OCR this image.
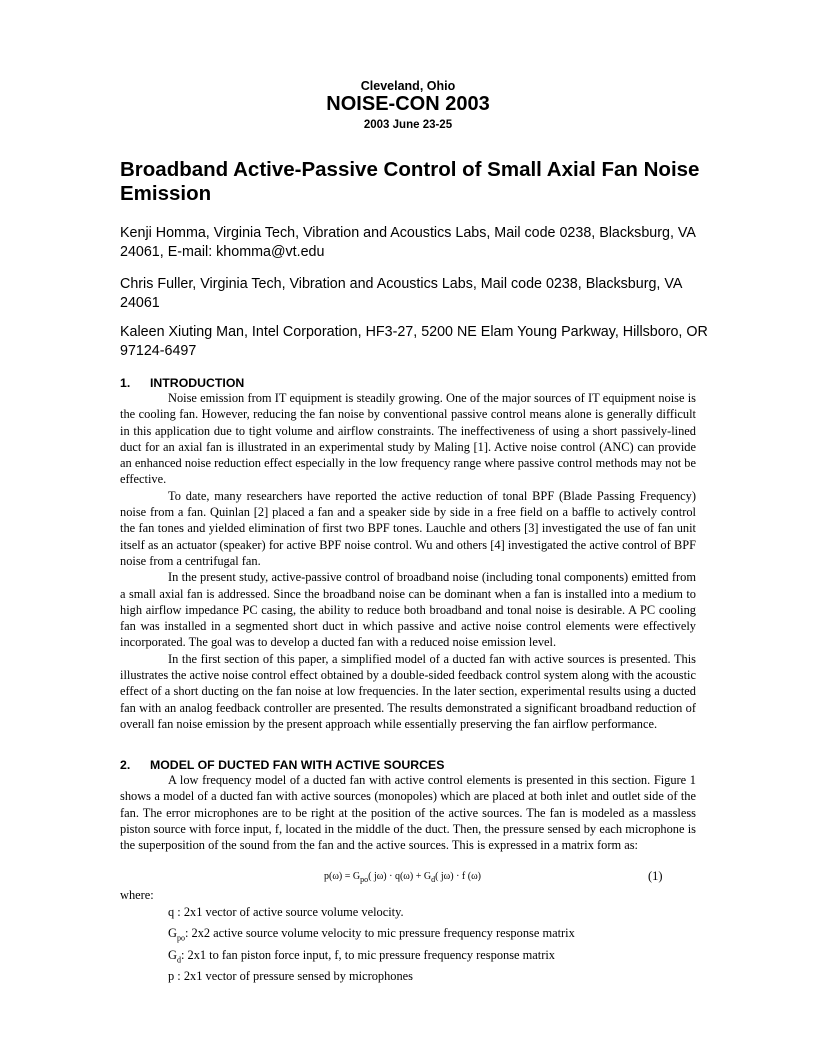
Cleveland, Ohio
NOISE-CON 2003
2003 June 23-25
Broadband Active-Passive Control of Small Axial Fan Noise Emission
Kenji Homma, Virginia Tech, Vibration and Acoustics Labs, Mail code 0238, Blacksburg, VA 24061, E-mail: khomma@vt.edu
Chris Fuller, Virginia Tech, Vibration and Acoustics Labs, Mail code 0238, Blacksburg, VA 24061
Kaleen Xiuting Man, Intel Corporation, HF3-27, 5200 NE Elam Young Parkway, Hillsboro, OR 97124-6497
1. INTRODUCTION

Noise emission from IT equipment is steadily growing. One of the major sources of IT equipment noise is the cooling fan. However, reducing the fan noise by conventional passive control means alone is generally difficult in this application due to tight volume and airflow constraints. The ineffectiveness of using a short passively-lined duct for an axial fan is illustrated in an experimental study by Maling [1]. Active noise control (ANC) can provide an enhanced noise reduction effect especially in the low frequency range where passive control methods may not be effective.

To date, many researchers have reported the active reduction of tonal BPF (Blade Passing Frequency) noise from a fan. Quinlan [2] placed a fan and a speaker side by side in a free field on a baffle to actively control the fan tones and yielded elimination of first two BPF tones. Lauchle and others [3] investigated the use of fan unit itself as an actuator (speaker) for active BPF noise control. Wu and others [4] investigated the active control of BPF noise from a centrifugal fan.

In the present study, active-passive control of broadband noise (including tonal components) emitted from a small axial fan is addressed. Since the broadband noise can be dominant when a fan is installed into a medium to high airflow impedance PC casing, the ability to reduce both broadband and tonal noise is desirable. A PC cooling fan was installed in a segmented short duct in which passive and active noise control elements were effectively incorporated. The goal was to develop a ducted fan with a reduced noise emission level.

In the first section of this paper, a simplified model of a ducted fan with active sources is presented. This illustrates the active noise control effect obtained by a double-sided feedback control system along with the acoustic effect of a short ducting on the fan noise at low frequencies. In the later section, experimental results using a ducted fan with an analog feedback controller are presented. The results demonstrated a significant broadband reduction of overall fan noise emission by the present approach while essentially preserving the fan airflow performance.

2. MODEL OF DUCTED FAN WITH ACTIVE SOURCES

A low frequency model of a ducted fan with active control elements is presented in this section. Figure 1 shows a model of a ducted fan with active sources (monopoles) which are placed at both inlet and outlet side of the fan. The error microphones are to be right at the position of the active sources. The fan is modeled as a massless piston source with force input, f, located in the middle of the duct. Then, the pressure sensed by each microphone is the superposition of the sound from the fan and the active sources. This is expressed in a matrix form as:

$p(\omega) = G_{po}$( $j\omega) \cdot q(\omega) + G_d$( jω) · f (ω)	(1)
where:
q : 2x1 vector of active source volume velocity.
$G_{po}$: 2x2 active source volume velocity to mic pressure frequency response matrix
$G_d$: 2x1 to fan piston force input, f, to mic pressure frequency response matrix
p : 2x1 vector of pressure sensed by microphones
